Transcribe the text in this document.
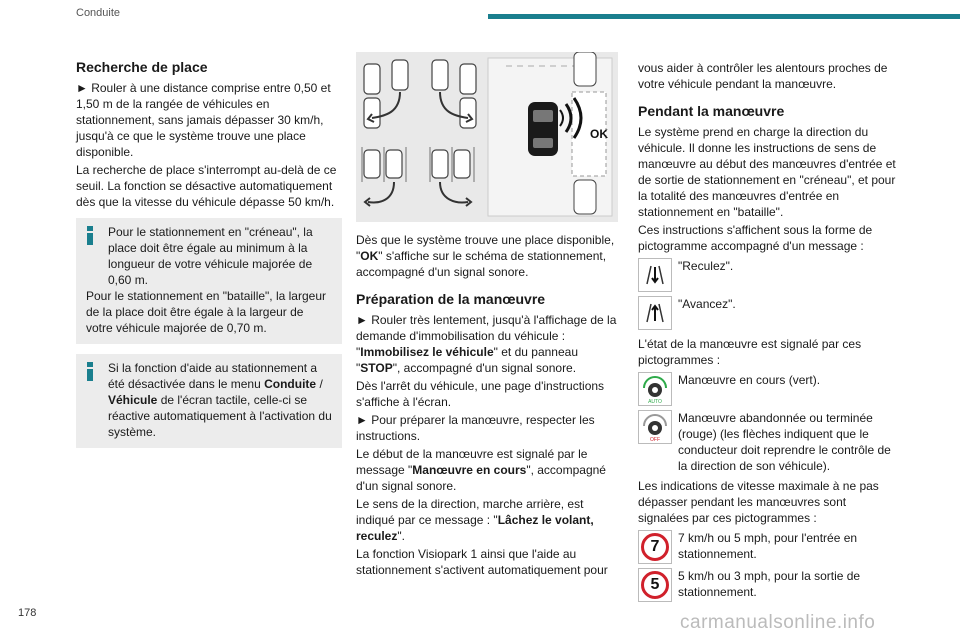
Conduite
Recherche de place

► Rouler à une distance comprise entre 0,50 et 1,50 m de la rangée de véhicules en stationnement, sans jamais dépasser 30 km/h, jusqu'à ce que le système trouve une place disponible.

La recherche de place s'interrompt au-delà de ce seuil. La fonction se désactive automatiquement dès que la vitesse du véhicule dépasse 50 km/h.

Pour le stationnement en "créneau", la place doit être égale au minimum à la longueur de votre véhicule majorée de 0,60 m.

Pour le stationnement en "bataille", la largeur de la place doit être égale à la largeur de votre véhicule majorée de 0,70 m.

Si la fonction d'aide au stationnement a été désactivée dans le menu Conduite / Véhicule de l'écran tactile, celle-ci se réactive automatiquement à l'activation du système.

OK

Dès que le système trouve une place disponible, "OK" s'affiche sur le schéma de stationnement, accompagné d'un signal sonore.

Préparation de la manœuvre

► Rouler très lentement, jusqu'à l'affichage de la demande d'immobilisation du véhicule : "Immobilisez le véhicule" et du panneau "STOP", accompagné d'un signal sonore.

Dès l'arrêt du véhicule, une page d'instructions s'affiche à l'écran.

► Pour préparer la manœuvre, respecter les instructions.

Le début de la manœuvre est signalé par le message "Manœuvre en cours", accompagné d'un signal sonore.

Le sens de la direction, marche arrière, est indiqué par ce message : "Lâchez le volant, reculez".

La fonction Visiopark 1 ainsi que l'aide au stationnement s'activent automatiquement pour

vous aider à contrôler les alentours proches de votre véhicule pendant la manœuvre.

Pendant la manœuvre

Le système prend en charge la direction du véhicule. Il donne les instructions de sens de manœuvre au début des manœuvres d'entrée et de sortie de stationnement en "créneau", et pour la totalité des manœuvres d'entrée en stationnement en "bataille".

Ces instructions s'affichent sous la forme de pictogramme accompagné d'un message :

"Reculez".
"Avancez".

L'état de la manœuvre est signalé par ces pictogrammes :

AUTO
Manœuvre en cours (vert).
OFF
Manœuvre abandonnée ou terminée (rouge) (les flèches indiquent que le conducteur doit reprendre le contrôle de la direction de son véhicule).

Les indications de vitesse maximale à ne pas dépasser pendant les manœuvres sont signalées par ces pictogrammes :

7	7 km/h ou 5 mph, pour l'entrée en stationnement.
5	5 km/h ou 3 mph, pour la sortie de stationnement.
178	carmanualsonline.info
